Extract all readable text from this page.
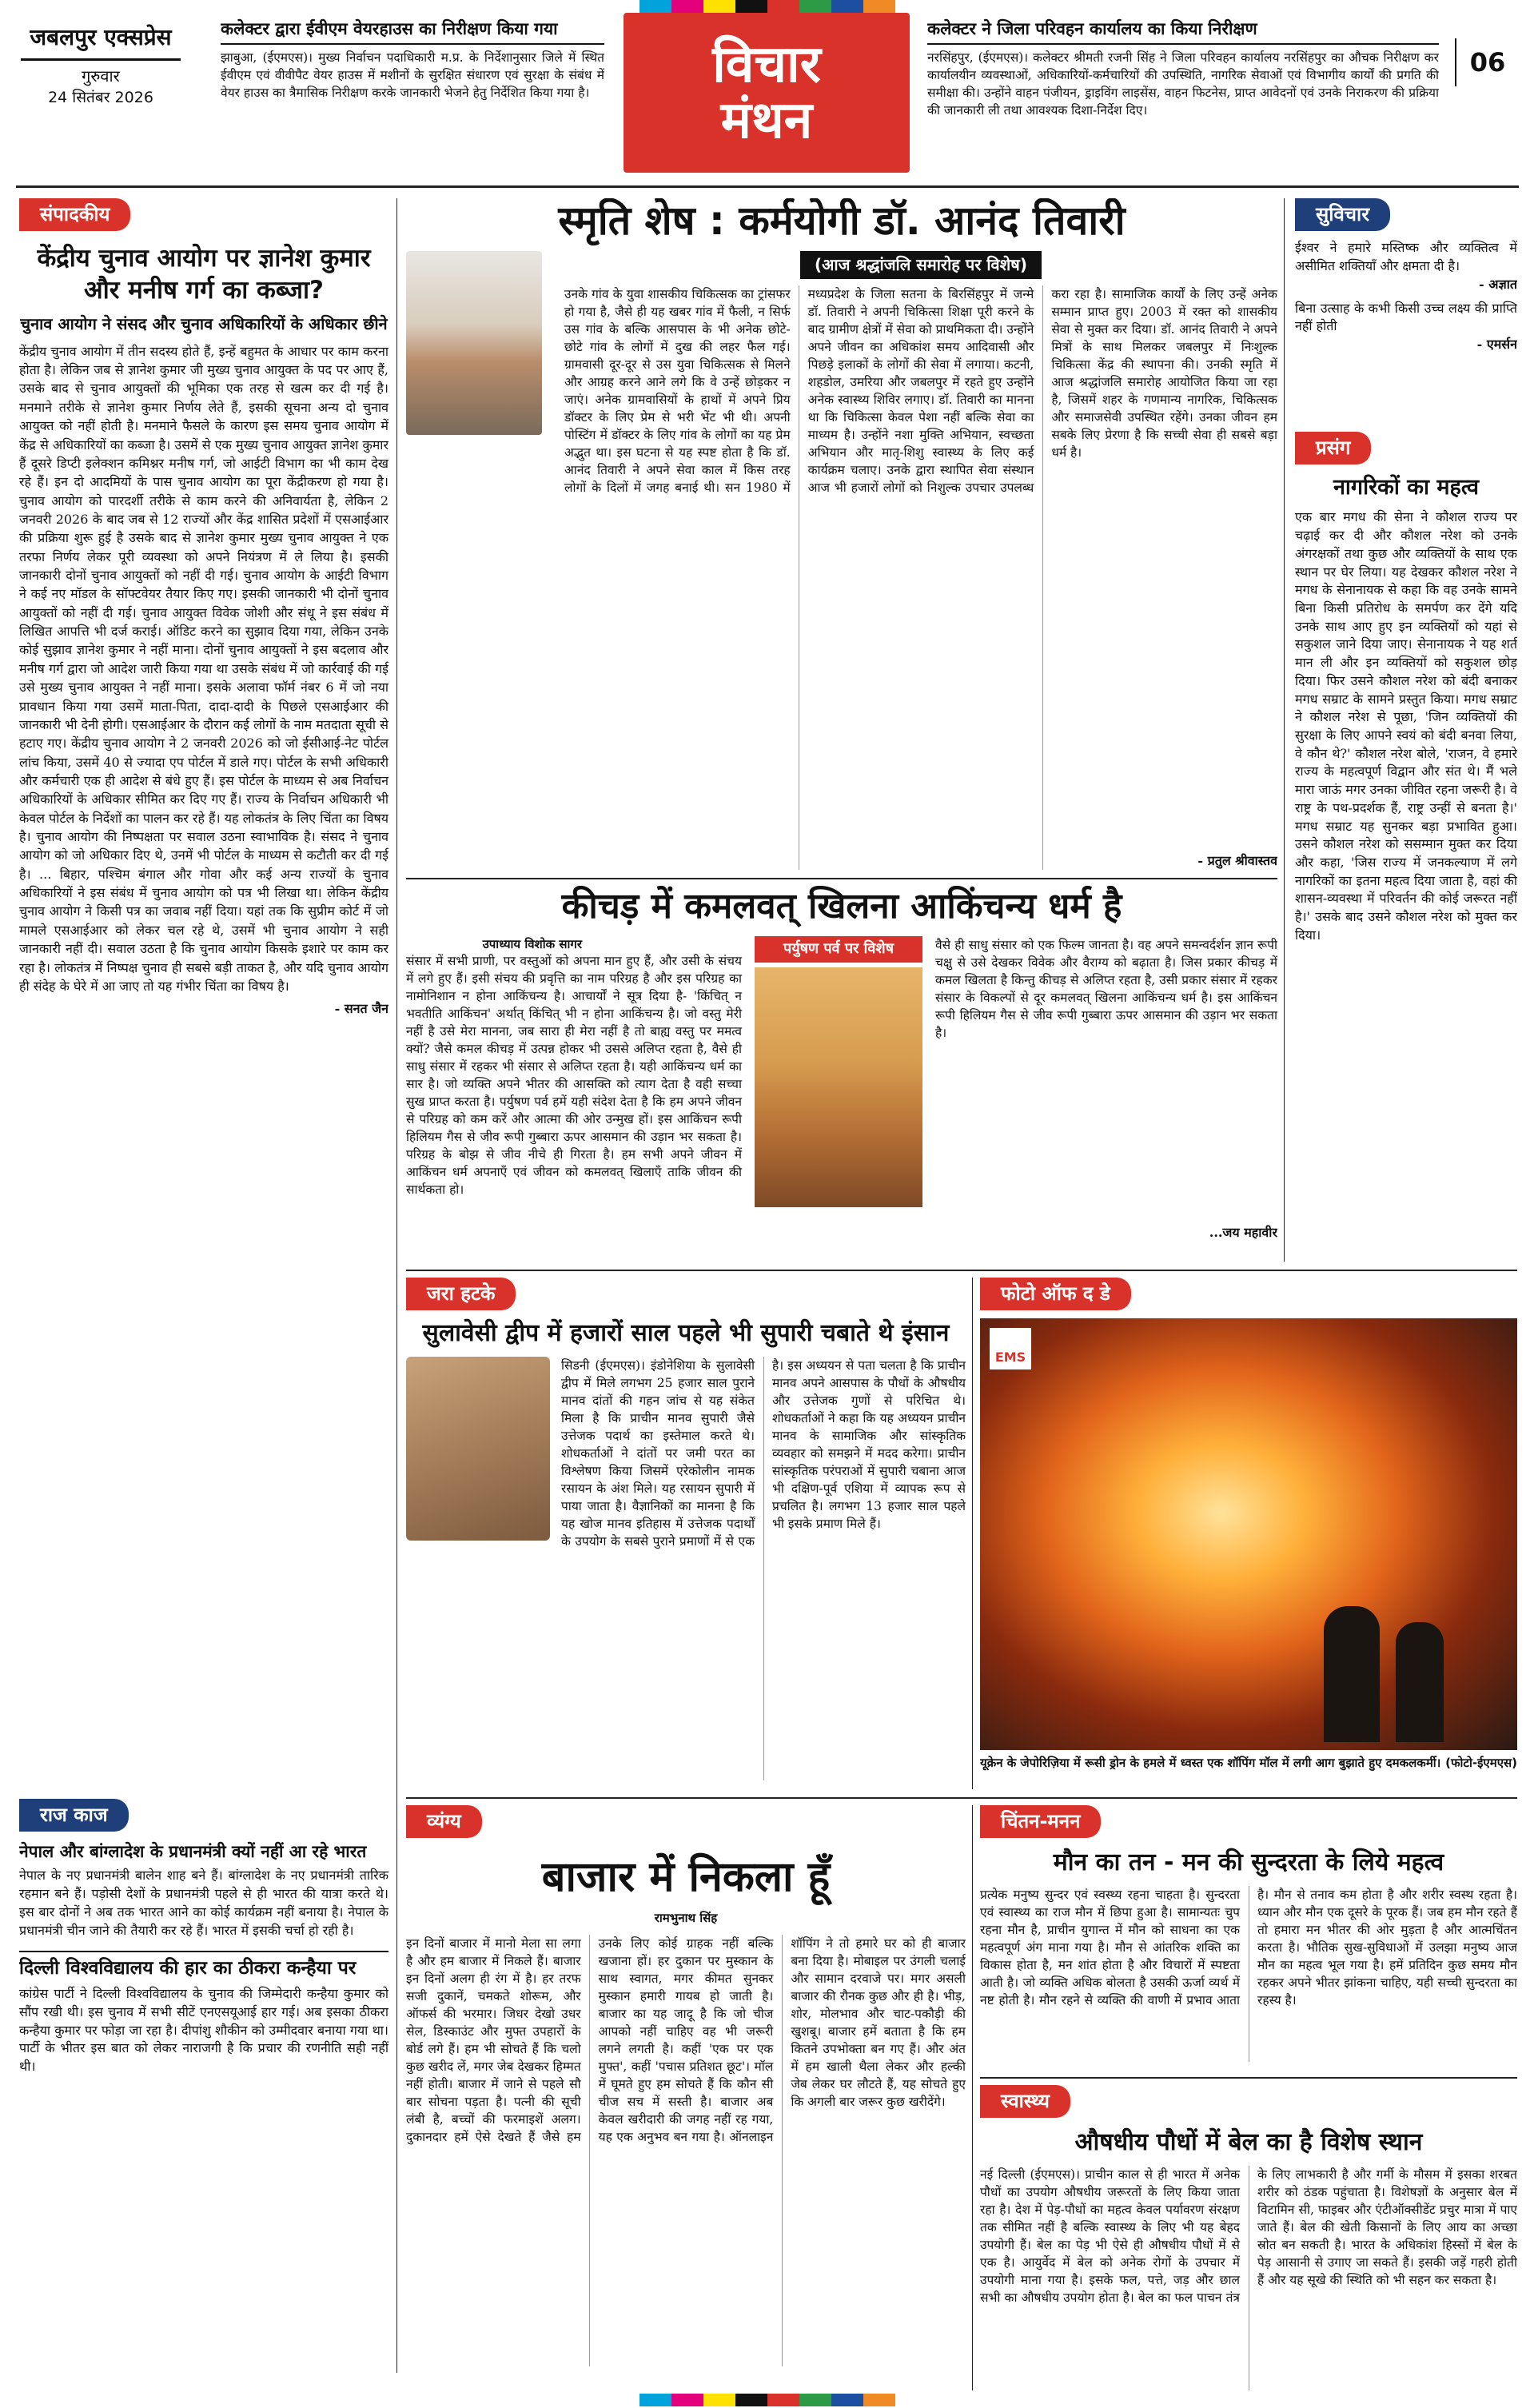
जबलपुर एक्सप्रेस
गुरुवार
24 सितंबर 2026
कलेक्टर द्वारा ईवीएम वेयरहाउस का निरीक्षण किया गया
झाबुआ, (ईएमएस)। मुख्य निर्वाचन पदाधिकारी म.प्र. के निर्देशानुसार जिले में स्थित ईवीएम एवं वीवीपैट वेयर हाउस में मशीनों के सुरक्षित संधारण एवं सुरक्षा के संबंध में वेयर हाउस का त्रैमासिक निरीक्षण करके जानकारी भेजने हेतु निर्देशित किया गया है। विचार
मंथन
कलेक्टर ने जिला परिवहन कार्यालय का किया निरीक्षण
नरसिंहपुर, (ईएमएस)। कलेक्टर श्रीमती रजनी सिंह ने जिला परिवहन कार्यालय नरसिंहपुर का औचक निरीक्षण कर कार्यालयीन व्यवस्थाओं, अधिकारियों-कर्मचारियों की उपस्थिति, नागरिक सेवाओं एवं विभागीय कार्यों की प्रगति की समीक्षा की। उन्होंने वाहन पंजीयन, ड्राइविंग लाइसेंस, वाहन फिटनेस, प्राप्त आवेदनों एवं उनके निराकरण की प्रक्रिया की जानकारी ली तथा आवश्यक दिशा-निर्देश दिए।
06
संपादकीय
केंद्रीय चुनाव आयोग पर ज्ञानेश कुमार और मनीष गर्ग का कब्जा?
चुनाव आयोग ने संसद और चुनाव अधिकारियों के अधिकार छीने
केंद्रीय चुनाव आयोग में तीन सदस्य होते हैं, इन्हें बहुमत के आधार पर काम करना होता है। लेकिन जब से ज्ञानेश कुमार जी मुख्य चुनाव आयुक्त के पद पर आए हैं, उसके बाद से चुनाव आयुक्तों की भूमिका एक तरह से खत्म कर दी गई है। मनमाने तरीके से ज्ञानेश कुमार निर्णय लेते हैं, इसकी सूचना अन्य दो चुनाव आयुक्त को नहीं होती है। मनमाने फैसले के कारण इस समय चुनाव आयोग में केंद्र से अधिकारियों का कब्जा है। उसमें से एक मुख्य चुनाव आयुक्त ज्ञानेश कुमार हैं दूसरे डिप्टी इलेक्शन कमिश्नर मनीष गर्ग, जो आईटी विभाग का भी काम देख रहे हैं। इन दो आदमियों के पास चुनाव आयोग का पूरा केंद्रीकरण हो गया है। चुनाव आयोग को पारदर्शी तरीके से काम करने की अनिवार्यता है, लेकिन 2 जनवरी 2026 के बाद जब से 12 राज्यों और केंद्र शासित प्रदेशों में एसआईआर की प्रक्रिया शुरू हुई है उसके बाद से ज्ञानेश कुमार मुख्य चुनाव आयुक्त ने एक तरफा निर्णय लेकर पूरी व्यवस्था को अपने नियंत्रण में ले लिया है। इसकी जानकारी दोनों चुनाव आयुक्तों को नहीं दी गई। चुनाव आयोग के आईटी विभाग ने कई नए मॉडल के सॉफ्टवेयर तैयार किए गए। इसकी जानकारी भी दोनों चुनाव आयुक्तों को नहीं दी गई। चुनाव आयुक्त विवेक जोशी और संधू ने इस संबंध में लिखित आपत्ति भी दर्ज कराई। ऑडिट करने का सुझाव दिया गया, लेकिन उनके कोई सुझाव ज्ञानेश कुमार ने नहीं माना। दोनों चुनाव आयुक्तों ने इस बदलाव और मनीष गर्ग द्वारा जो आदेश जारी किया गया था उसके संबंध में जो कार्रवाई की गई उसे मुख्य चुनाव आयुक्त ने नहीं माना। इसके अलावा फॉर्म नंबर 6 में जो नया प्रावधान किया गया उसमें माता-पिता, दादा-दादी के पिछले एसआईआर की जानकारी भी देनी होगी। एसआईआर के दौरान कई लोगों के नाम मतदाता सूची से हटाए गए। केंद्रीय चुनाव आयोग ने 2 जनवरी 2026 को जो ईसीआई-नेट पोर्टल लांच किया, उसमें 40 से ज्यादा एप पोर्टल में डाले गए। पोर्टल के सभी अधिकारी और कर्मचारी एक ही आदेश से बंधे हुए हैं। इस पोर्टल के माध्यम से अब निर्वाचन अधिकारियों के अधिकार सीमित कर दिए गए हैं। राज्य के निर्वाचन अधिकारी भी केवल पोर्टल के निर्देशों का पालन कर रहे हैं। यह लोकतंत्र के लिए चिंता का विषय है। चुनाव आयोग की निष्पक्षता पर सवाल उठना स्वाभाविक है। संसद ने चुनाव आयोग को जो अधिकार दिए थे, उनमें भी पोर्टल के माध्यम से कटौती कर दी गई है। ... बिहार, पश्चिम बंगाल और गोवा और कई अन्य राज्यों के चुनाव अधिकारियों ने इस संबंध में चुनाव आयोग को पत्र भी लिखा था। लेकिन केंद्रीय चुनाव आयोग ने किसी पत्र का जवाब नहीं दिया। यहां तक कि सुप्रीम कोर्ट में जो मामले एसआईआर को लेकर चल रहे थे, उसमें भी चुनाव आयोग ने सही जानकारी नहीं दी। सवाल उठता है कि चुनाव आयोग किसके इशारे पर काम कर रहा है। लोकतंत्र में निष्पक्ष चुनाव ही सबसे बड़ी ताकत है, और यदि चुनाव आयोग ही संदेह के घेरे में आ जाए तो यह गंभीर चिंता का विषय है।
- सनत जैन
राज काज
नेपाल और बांग्लादेश के प्रधानमंत्री क्यों नहीं आ रहे भारत
नेपाल के नए प्रधानमंत्री बालेन शाह बने हैं। बांग्लादेश के नए प्रधानमंत्री तारिक रहमान बने हैं। पड़ोसी देशों के प्रधानमंत्री पहले से ही भारत की यात्रा करते थे। इस बार दोनों ने अब तक भारत आने का कोई कार्यक्रम नहीं बनाया है। नेपाल के प्रधानमंत्री चीन जाने की तैयारी कर रहे हैं। भारत में इसकी चर्चा हो रही है।
दिल्ली विश्वविद्यालय की हार का ठीकरा कन्हैया पर
कांग्रेस पार्टी ने दिल्ली विश्वविद्यालय के चुनाव की जिम्मेदारी कन्हैया कुमार को सौंप रखी थी। इस चुनाव में सभी सीटें एनएसयूआई हार गई। अब इसका ठीकरा कन्हैया कुमार पर फोड़ा जा रहा है। दीपांशु शौकीन को उम्मीदवार बनाया गया था। पार्टी के भीतर इस बात को लेकर नाराजगी है कि प्रचार की रणनीति सही नहीं थी।
स्मृति शेष : कर्मयोगी डॉ. आनंद तिवारी
(आज श्रद्धांजलि समारोह पर विशेष)
उनके गांव के युवा शासकीय चिकित्सक का ट्रांसफर हो गया है, जैसे ही यह खबर गांव में फैली, न सिर्फ उस गांव के बल्कि आसपास के भी अनेक छोटे-छोटे गांव के लोगों में दुख की लहर फैल गई। ग्रामवासी दूर-दूर से उस युवा चिकित्सक से मिलने और आग्रह करने आने लगे कि वे उन्हें छोड़कर न जाएं। अनेक ग्रामवासियों के हाथों में अपने प्रिय डॉक्टर के लिए प्रेम से भरी भेंट भी थी। अपनी पोस्टिंग में डॉक्टर के लिए गांव के लोगों का यह प्रेम अद्भुत था। इस घटना से यह स्पष्ट होता है कि डॉ. आनंद तिवारी ने अपने सेवा काल में किस तरह लोगों के दिलों में जगह बनाई थी। सन 1980 में मध्यप्रदेश के जिला सतना के बिरसिंहपुर में जन्मे डॉ. तिवारी ने अपनी चिकित्सा शिक्षा पूरी करने के बाद ग्रामीण क्षेत्रों में सेवा को प्राथमिकता दी। उन्होंने अपने जीवन का अधिकांश समय आदिवासी और पिछड़े इलाकों के लोगों की सेवा में लगाया। कटनी, शहडोल, उमरिया और जबलपुर में रहते हुए उन्होंने अनेक स्वास्थ्य शिविर लगाए। डॉ. तिवारी का मानना था कि चिकित्सा केवल पेशा नहीं बल्कि सेवा का माध्यम है। उन्होंने नशा मुक्ति अभियान, स्वच्छता अभियान और मातृ-शिशु स्वास्थ्य के लिए कई कार्यक्रम चलाए। उनके द्वारा स्थापित सेवा संस्थान आज भी हजारों लोगों को निशुल्क उपचार उपलब्ध करा रहा है। सामाजिक कार्यों के लिए उन्हें अनेक सम्मान प्राप्त हुए। 2003 में रक्त को शासकीय सेवा से मुक्त कर दिया। डॉ. आनंद तिवारी ने अपने मित्रों के साथ मिलकर जबलपुर में निःशुल्क चिकित्सा केंद्र की स्थापना की। उनकी स्मृति में आज श्रद्धांजलि समारोह आयोजित किया जा रहा है, जिसमें शहर के गणमान्य नागरिक, चिकित्सक और समाजसेवी उपस्थित रहेंगे। उनका जीवन हम सबके लिए प्रेरणा है कि सच्ची सेवा ही सबसे बड़ा धर्म है।
- प्रतुल श्रीवास्तव
सुविचार
ईश्वर ने हमारे मस्तिष्क और व्यक्तित्व में असीमित शक्तियाँ और क्षमता दी है।
- अज्ञात
बिना उत्साह के कभी किसी उच्च लक्ष्य की प्राप्ति नहीं होती
- एमर्सन
प्रसंग
नागरिकों का महत्व
एक बार मगध की सेना ने कौशल राज्य पर चढ़ाई कर दी और कौशल नरेश को उनके अंगरक्षकों तथा कुछ और व्यक्तियों के साथ एक स्थान पर घेर लिया। यह देखकर कौशल नरेश ने मगध के सेनानायक से कहा कि वह उनके सामने बिना किसी प्रतिरोध के समर्पण कर देंगे यदि उनके साथ आए हुए इन व्यक्तियों को यहां से सकुशल जाने दिया जाए। सेनानायक ने यह शर्त मान ली और इन व्यक्तियों को सकुशल छोड़ दिया। फिर उसने कौशल नरेश को बंदी बनाकर मगध सम्राट के सामने प्रस्तुत किया। मगध सम्राट ने कौशल नरेश से पूछा, 'जिन व्यक्तियों की सुरक्षा के लिए आपने स्वयं को बंदी बनवा लिया, वे कौन थे?' कौशल नरेश बोले, 'राजन, वे हमारे राज्य के महत्वपूर्ण विद्वान और संत थे। मैं भले मारा जाऊं मगर उनका जीवित रहना जरूरी है। वे राष्ट्र के पथ-प्रदर्शक हैं, राष्ट्र उन्हीं से बनता है।' मगध सम्राट यह सुनकर बड़ा प्रभावित हुआ। उसने कौशल नरेश को ससम्मान मुक्त कर दिया और कहा, 'जिस राज्य में जनकल्याण में लगे नागरिकों का इतना महत्व दिया जाता है, वहां की शासन-व्यवस्था में परिवर्तन की कोई जरूरत नहीं है।' उसके बाद उसने कौशल नरेश को मुक्त कर दिया।
कीचड़ में कमलवत् खिलना आकिंचन्य धर्म है
उपाध्याय विशोक सागर
संसार में सभी प्राणी, पर वस्तुओं को अपना मान हुए हैं, और उसी के संचय में लगे हुए हैं। इसी संचय की प्रवृत्ति का नाम परिग्रह है और इस परिग्रह का नामोनिशान न होना आकिंचन्य है। आचार्यों ने सूत्र दिया है- 'किंचित् न भवतीति आकिंचन' अर्थात् किंचित् भी न होना आकिंचन्य है। जो वस्तु मेरी नहीं है उसे मेरा मानना, जब सारा ही मेरा नहीं है तो बाह्य वस्तु पर ममत्व क्यों? जैसे कमल कीचड़ में उत्पन्न होकर भी उससे अलिप्त रहता है, वैसे ही साधु संसार में रहकर भी संसार से अलिप्त रहता है। यही आकिंचन्य धर्म का सार है। जो व्यक्ति अपने भीतर की आसक्ति को त्याग देता है वही सच्चा सुख प्राप्त करता है। पर्युषण पर्व हमें यही संदेश देता है कि हम अपने जीवन से परिग्रह को कम करें और आत्मा की ओर उन्मुख हों। इस आकिंचन रूपी हिलियम गैस से जीव रूपी गुब्बारा ऊपर आसमान की उड़ान भर सकता है। परिग्रह के बोझ से जीव नीचे ही गिरता है। हम सभी अपने जीवन में आकिंचन धर्म अपनाएँ एवं जीवन को कमलवत् खिलाएँ ताकि जीवन की सार्थकता हो।
पर्युषण पर्व पर विशेष	वैसे ही साधु संसार को एक फिल्म जानता है। वह अपने समन्वर्दर्शन ज्ञान रूपी चक्षु से उसे देखकर विवेक और वैराग्य को बढ़ाता है। जिस प्रकार कीचड़ में कमल खिलता है किन्तु कीचड़ से अलिप्त रहता है, उसी प्रकार संसार में रहकर संसार के विकल्पों से दूर कमलवत् खिलना आकिंचन्य धर्म है। इस आकिंचन रूपी हिलियम गैस से जीव रूपी गुब्बारा ऊपर आसमान की उड़ान भर सकता है।
...जय महावीर
जरा हटके
सुलावेसी द्वीप में हजारों साल पहले भी सुपारी चबाते थे इंसान
सिडनी (ईएमएस)। इंडोनेशिया के सुलावेसी द्वीप में मिले लगभग 25 हजार साल पुराने मानव दांतों की गहन जांच से यह संकेत मिला है कि प्राचीन मानव सुपारी जैसे उत्तेजक पदार्थ का इस्तेमाल करते थे। शोधकर्ताओं ने दांतों पर जमी परत का विश्लेषण किया जिसमें एरेकोलीन नामक रसायन के अंश मिले। यह रसायन सुपारी में पाया जाता है। वैज्ञानिकों का मानना है कि यह खोज मानव इतिहास में उत्तेजक पदार्थों के उपयोग के सबसे पुराने प्रमाणों में से एक है। इस अध्ययन से पता चलता है कि प्राचीन मानव अपने आसपास के पौधों के औषधीय और उत्तेजक गुणों से परिचित थे। शोधकर्ताओं ने कहा कि यह अध्ययन प्राचीन मानव के सामाजिक और सांस्कृतिक व्यवहार को समझने में मदद करेगा। प्राचीन सांस्कृतिक परंपराओं में सुपारी चबाना आज भी दक्षिण-पूर्व एशिया में व्यापक रूप से प्रचलित है। लगभग 13 हजार साल पहले भी इसके प्रमाण मिले हैं।
फोटो ऑफ द डे
EMS
यूक्रेन के जेपोरिज़िया में रूसी ड्रोन के हमले में ध्वस्त एक शॉपिंग मॉल में लगी आग बुझाते हुए दमकलकर्मी। (फोटो-ईएमएस)
व्यंग्य
बाजार में निकला हूँ
रामभुनाथ सिंह
इन दिनों बाजार में मानो मेला सा लगा है और हम बाजार में निकले हैं। बाजार इन दिनों अलग ही रंग में है। हर तरफ सजी दुकानें, चमकते शोरूम, और ऑफर्स की भरमार। जिधर देखो उधर सेल, डिस्काउंट और मुफ्त उपहारों के बोर्ड लगे हैं। हम भी सोचते हैं कि चलो कुछ खरीद लें, मगर जेब देखकर हिम्मत नहीं होती। बाजार में जाने से पहले सौ बार सोचना पड़ता है। पत्नी की सूची लंबी है, बच्चों की फरमाइशें अलग। दुकानदार हमें ऐसे देखते हैं जैसे हम उनके लिए कोई ग्राहक नहीं बल्कि खजाना हों। हर दुकान पर मुस्कान के साथ स्वागत, मगर कीमत सुनकर मुस्कान हमारी गायब हो जाती है। बाजार का यह जादू है कि जो चीज आपको नहीं चाहिए वह भी जरूरी लगने लगती है। कहीं 'एक पर एक मुफ्त', कहीं 'पचास प्रतिशत छूट'। मॉल में घूमते हुए हम सोचते हैं कि कौन सी चीज सच में सस्ती है। बाजार अब केवल खरीदारी की जगह नहीं रह गया, यह एक अनुभव बन गया है। ऑनलाइन शॉपिंग ने तो हमारे घर को ही बाजार बना दिया है। मोबाइल पर उंगली चलाई और सामान दरवाजे पर। मगर असली बाजार की रौनक कुछ और ही है। भीड़, शोर, मोलभाव और चाट-पकौड़ी की खुशबू। बाजार हमें बताता है कि हम कितने उपभोक्ता बन गए हैं। और अंत में हम खाली थैला लेकर और हल्की जेब लेकर घर लौटते हैं, यह सोचते हुए कि अगली बार जरूर कुछ खरीदेंगे।
चिंतन-मनन
मौन का तन - मन की सुन्दरता के लिये महत्व
प्रत्येक मनुष्य सुन्दर एवं स्वस्थ्य रहना चाहता है। सुन्दरता एवं स्वास्थ्य का राज मौन में छिपा हुआ है। सामान्यतः चुप रहना मौन है, प्राचीन युगान्त में मौन को साधना का एक महत्वपूर्ण अंग माना गया है। मौन से आंतरिक शक्ति का विकास होता है, मन शांत होता है और विचारों में स्पष्टता आती है। जो व्यक्ति अधिक बोलता है उसकी ऊर्जा व्यर्थ में नष्ट होती है। मौन रहने से व्यक्ति की वाणी में प्रभाव आता है। मौन से तनाव कम होता है और शरीर स्वस्थ रहता है। ध्यान और मौन एक दूसरे के पूरक हैं। जब हम मौन रहते हैं तो हमारा मन भीतर की ओर मुड़ता है और आत्मचिंतन करता है। भौतिक सुख-सुविधाओं में उलझा मनुष्य आज मौन का महत्व भूल गया है। हमें प्रतिदिन कुछ समय मौन रहकर अपने भीतर झांकना चाहिए, यही सच्ची सुन्दरता का रहस्य है।
स्वास्थ्य
औषधीय पौधों में बेल का है विशेष स्थान
नई दिल्ली (ईएमएस)। प्राचीन काल से ही भारत में अनेक पौधों का उपयोग औषधीय जरूरतों के लिए किया जाता रहा है। देश में पेड़-पौधों का महत्व केवल पर्यावरण संरक्षण तक सीमित नहीं है बल्कि स्वास्थ्य के लिए भी यह बेहद उपयोगी हैं। बेल का पेड़ भी ऐसे ही औषधीय पौधों में से एक है। आयुर्वेद में बेल को अनेक रोगों के उपचार में उपयोगी माना गया है। इसके फल, पत्ते, जड़ और छाल सभी का औषधीय उपयोग होता है। बेल का फल पाचन तंत्र के लिए लाभकारी है और गर्मी के मौसम में इसका शरबत शरीर को ठंडक पहुंचाता है। विशेषज्ञों के अनुसार बेल में विटामिन सी, फाइबर और एंटीऑक्सीडेंट प्रचुर मात्रा में पाए जाते हैं। बेल की खेती किसानों के लिए आय का अच्छा स्रोत बन सकती है। भारत के अधिकांश हिस्सों में बेल के पेड़ आसानी से उगाए जा सकते हैं। इसकी जड़ें गहरी होती हैं और यह सूखे की स्थिति को भी सहन कर सकता है।
